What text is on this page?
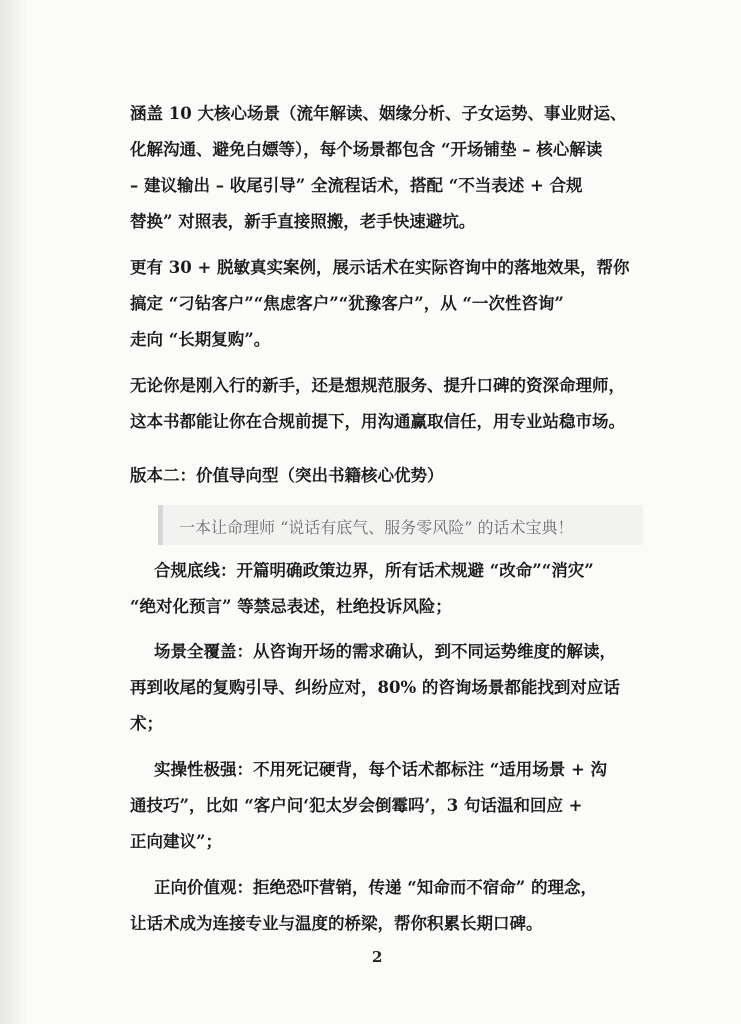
涵盖 10 大核心场景（流年解读、姻缘分析、子女运势、事业财运、
化解沟通、避免白嫖等），每个场景都包含 “开场铺垫 – 核心解读
– 建议输出 – 收尾引导” 全流程话术，搭配 “不当表述 + 合规
替换” 对照表，新手直接照搬，老手快速避坑。
更有 30 + 脱敏真实案例，展示话术在实际咨询中的落地效果，帮你
搞定 “刁钻客户”“焦虑客户”“犹豫客户”，从 “一次性咨询”
走向 “长期复购”。
无论你是刚入行的新手，还是想规范服务、提升口碑的资深命理师，
这本书都能让你在合规前提下，用沟通赢取信任，用专业站稳市场。
版本二：价值导向型（突出书籍核心优势）
一本让命理师 “说话有底气、服务零风险” 的话术宝典！
合规底线：开篇明确政策边界，所有话术规避 “改命”“消灾”
“绝对化预言” 等禁忌表述，杜绝投诉风险；
场景全覆盖：从咨询开场的需求确认，到不同运势维度的解读，
再到收尾的复购引导、纠纷应对，80% 的咨询场景都能找到对应话
术；
实操性极强：不用死记硬背，每个话术都标注 “适用场景 + 沟
通技巧”，比如 “客户问‘犯太岁会倒霉吗’，3 句话温和回应 +
正向建议”；
正向价值观：拒绝恐吓营销，传递 “知命而不宿命” 的理念，
让话术成为连接专业与温度的桥梁，帮你积累长期口碑。
2
